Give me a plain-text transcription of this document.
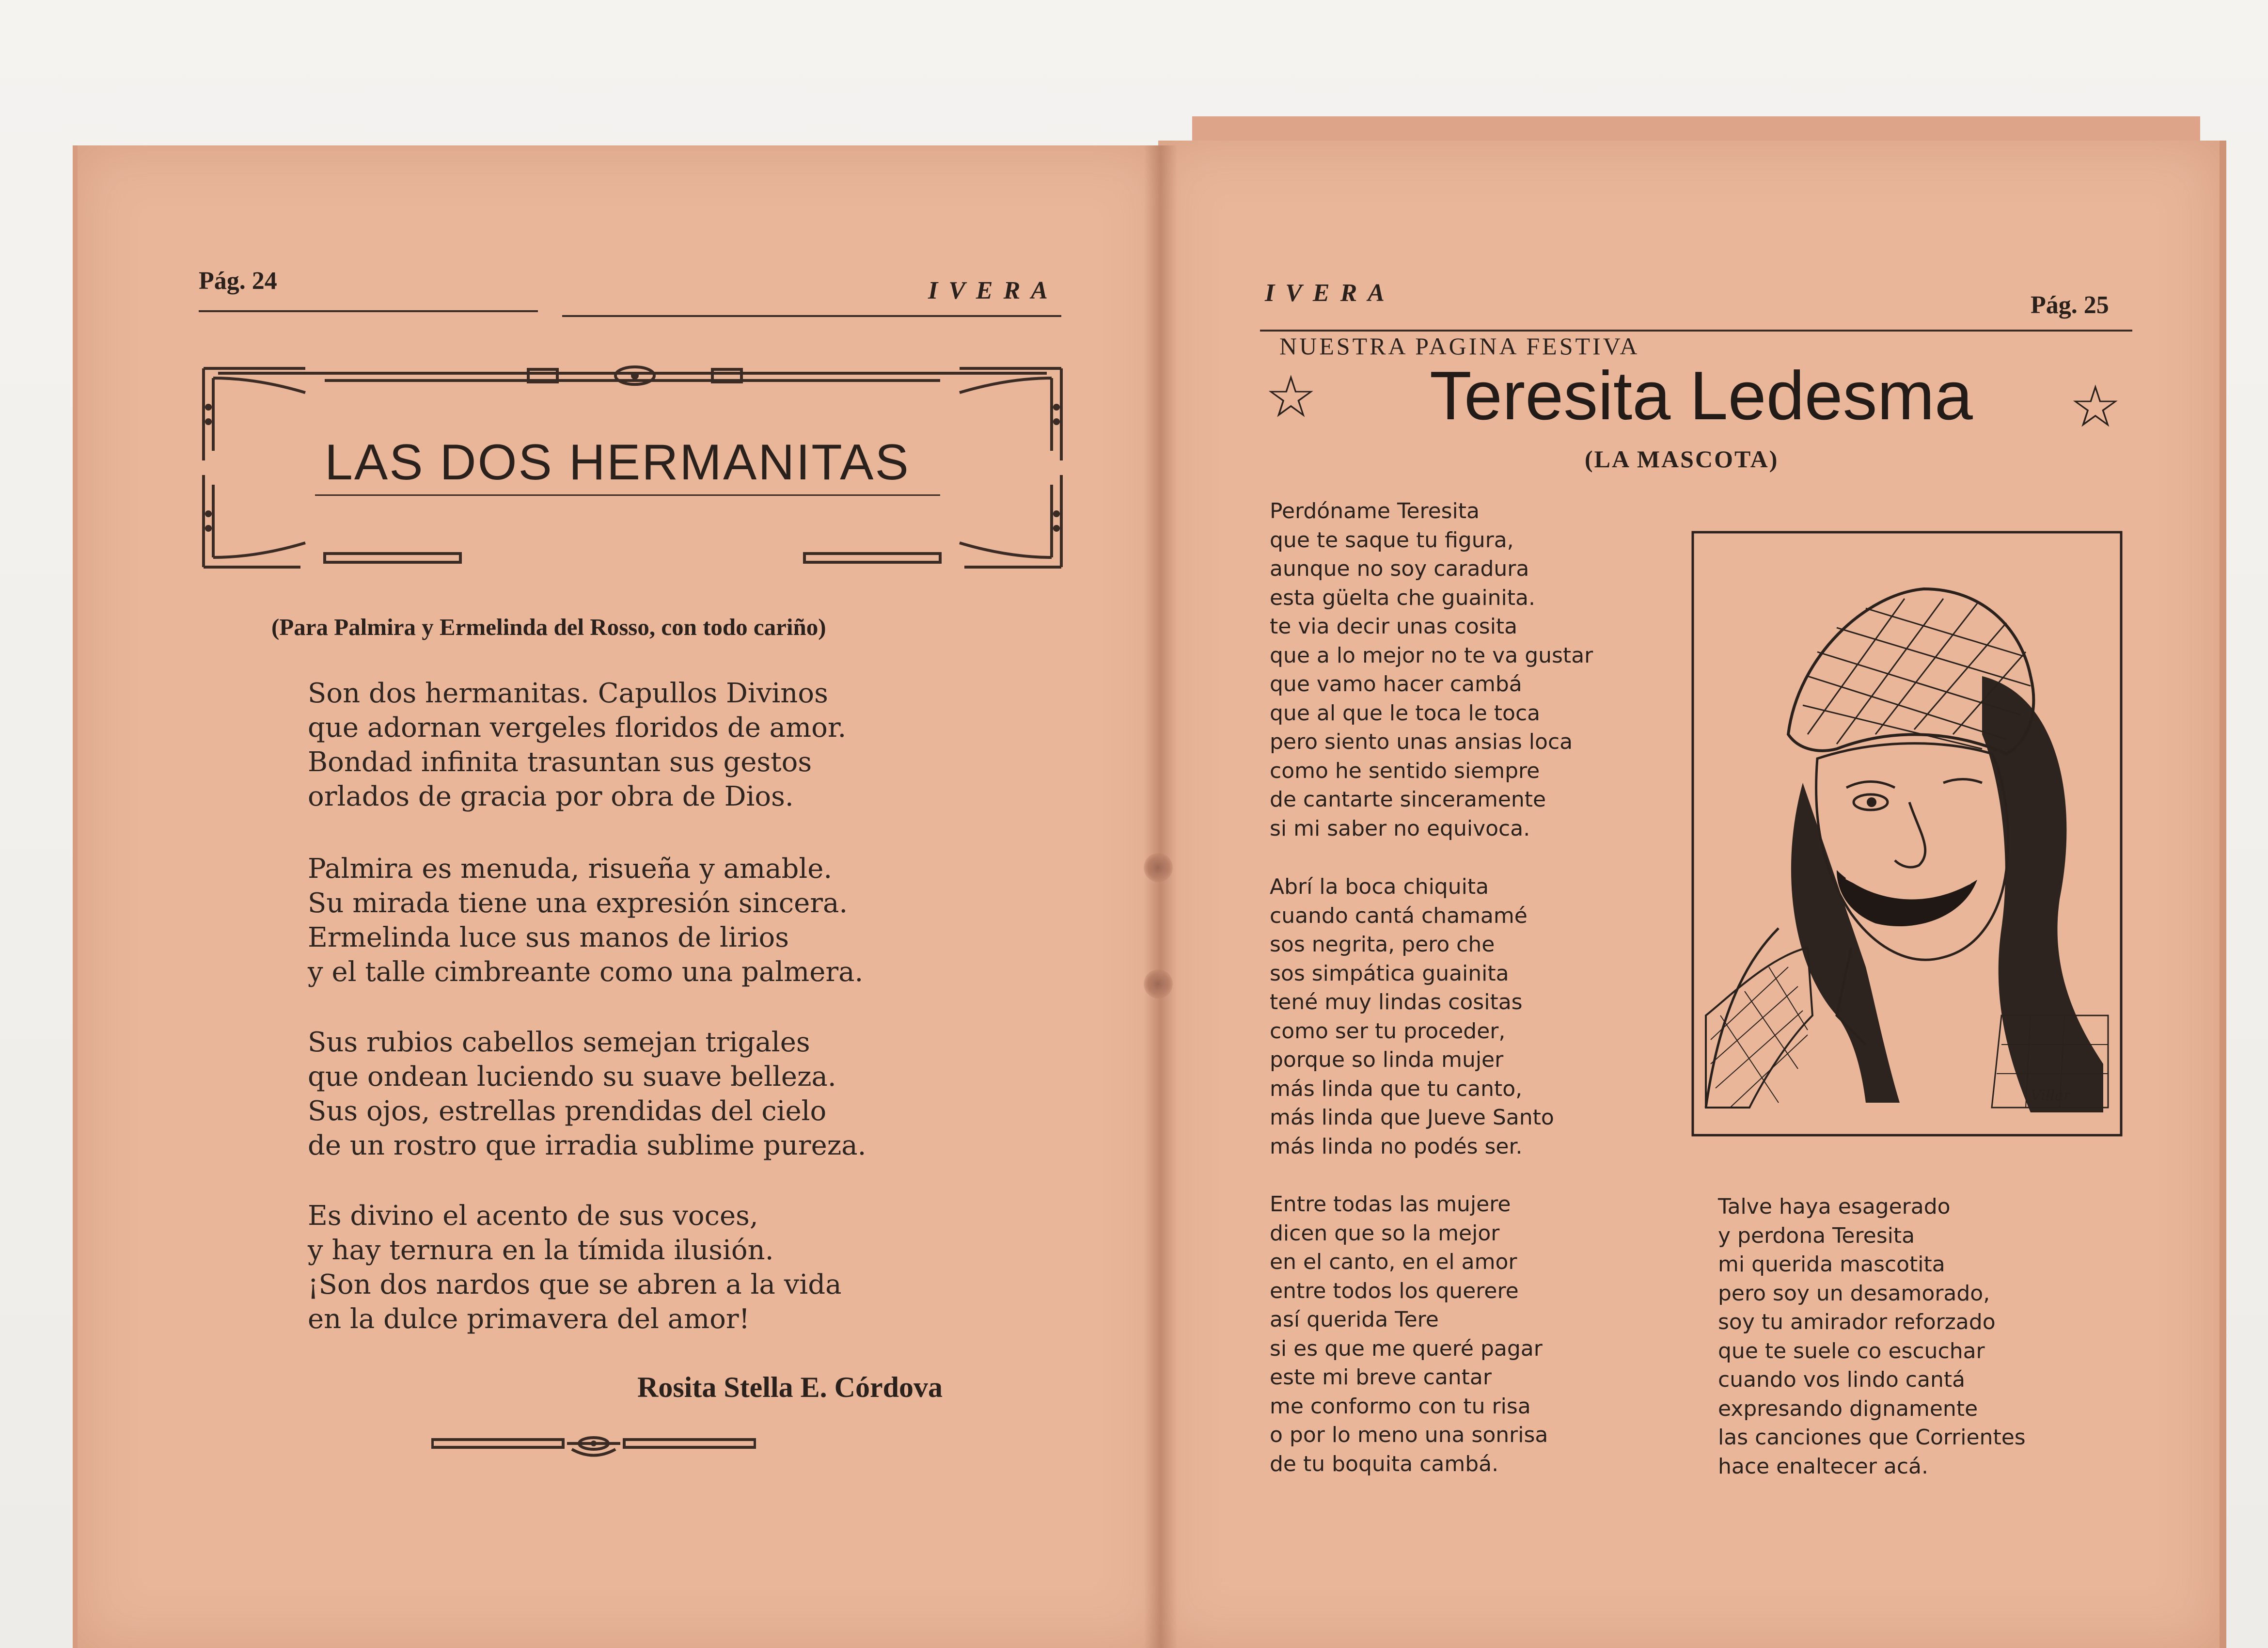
Pág. 24	IVERA
LAS DOS HERMANITAS
(Para Palmira y Ermelinda del Rosso, con todo cariño)

Son dos hermanitas. Capullos Divinos

que adornan vergeles floridos de amor.

Bondad infinita trasuntan sus gestos

orlados de gracia por obra de Dios.

Palmira es menuda, risueña y amable.

Su mirada tiene una expresión sincera.

Ermelinda luce sus manos de lirios

y el talle cimbreante como una palmera.

Sus rubios cabellos semejan trigales

que ondean luciendo su suave belleza.

Sus ojos, estrellas prendidas del cielo

de un rostro que irradia sublime pureza.

Es divino el acento de sus voces,

y hay ternura en la tímida ilusión.

¡Son dos nardos que se abren a la vida

en la dulce primavera del amor!

Rosita Stella E. Córdova
IVERA	Pág. 25
NUESTRA PAGINA FESTIVA
☆	☆
Teresita Ledesma
(LA MASCOTA)

Perdóname Teresita

que te saque tu figura,

aunque no soy caradura

esta güelta che guainita.

te via decir unas cosita

que a lo mejor no te va gustar

que vamo hacer cambá

que al que le toca le toca

pero siento unas ansias loca

como he sentido siempre

de cantarte sinceramente

si mi saber no equivoca.

Abrí la boca chiquita

cuando cantá chamamé

sos negrita, pero che

sos simpática guainita

tené muy lindas cositas

como ser tu proceder,

porque so linda mujer

más linda que tu canto,

más linda que Jueve Santo

más linda no podés ser.

Entre todas las mujere

dicen que so la mejor

en el canto, en el amor

entre todos los querere

así querida Tere

si es que me queré pagar

este mi breve cantar

me conformo con tu risa

o por lo meno una sonrisa

de tu boquita cambá.

Talve haya esagerado

y perdona Teresita

mi querida mascotita

pero soy un desamorado,

soy tu amirador reforzado

que te suele co escuchar

cuando vos lindo cantá

expresando dignamente

las canciones que Corrientes

hace enaltecer acá.

Villar
